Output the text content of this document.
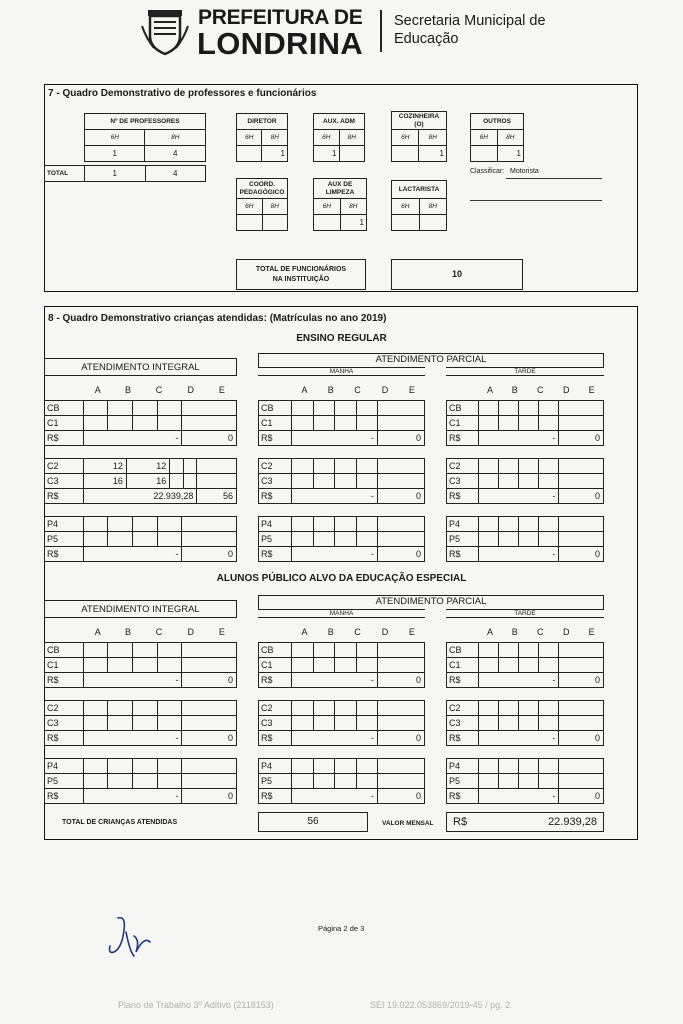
PREFEITURA DE
LONDRINA
Secretaria Municipal de
Educação
7 - Quadro Demonstrativo de professores e funcionários
Nº DE PROFESSORES	
6H	8H
1	4
TOTAL	1	4
DIRETOR	
6H	8H
	1
AUX. ADM	
6H	8H
1	
COZINHEIRA (O)	
6H	8H
	1
OUTROS	
6H	8H
	1
Classificar: Motorista
COORD. PEDAGÓGICO	
6H	8H

AUX DE LIMPEZA	
6H	8H
	1
LACTARISTA	
6H	8H

TOTAL DE FUNCIONÁRIOS
NA INSTITUIÇÃO
10
8 - Quadro Demonstrativo crianças atendidas: (Matrículas no ano 2019)
ENSINO REGULAR
ATENDIMENTO INTEGRAL
ATENDIMENTO PARCIAL
MANHA	TARDE
	A	B	C	D	E
CB					
C1					
R$	-				0
C2	12	12			
C3	16	16			
R$	22.939,28				56
P4					
P5					
R$	-				0
	A	B	C	D	E
CB					
C1					
R$	-				0
C2					
C3					
R$	-				0
P4					
P5					
R$	-				0
	A	B	C	D	E
CB					
C1					
R$	-				0
C2					
C3					
R$	-				0
P4					
P5					
R$	-				0
ALUNOS PÚBLICO ALVO DA EDUCAÇÃO ESPECIAL
ATENDIMENTO INTEGRAL
ATENDIMENTO PARCIAL
MANHA	TARDE
	A	B	C	D	E
CB					
C1					
R$	-				0
C2					
C3					
R$	-				0
P4					
P5					
R$	-				0
	A	B	C	D	E
CB					
C1					
R$	-				0
C2					
C3					
R$	-				0
P4					
P5					
R$	-				0
	A	B	C	D	E
CB					
C1					
R$	-				0
C2					
C3					
R$	-				0
P4					
P5					
R$	-				0
TOTAL DE CRIANÇAS ATENDIDAS	56	VALOR MENSAL	R$	22.939,28
Página 2 de 3
Plano de Trabalho 3º Aditivo (2118153)	SEI 19.022.053869/2019-45 / pg. 2
